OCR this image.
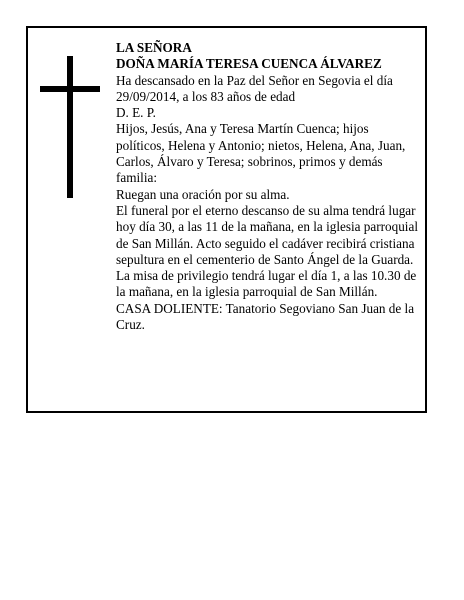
LA SEÑORA

DOÑA MARÍA TERESA CUENCA ÁLVAREZ

Ha descansado en la Paz del Señor en Segovia el día 29/09/2014, a los 83 años de edad

D. E. P.

Hijos, Jesús, Ana y Teresa Martín Cuenca; hijos políticos, Helena y Antonio; nietos, Helena, Ana, Juan, Carlos, Álvaro y Teresa; sobrinos, primos y demás familia:

Ruegan una oración por su alma.

El funeral por el eterno descanso de su alma tendrá lugar hoy día 30, a las 11 de la mañana, en la iglesia parroquial de San Millán. Acto seguido el cadáver recibirá cristiana sepultura en el cementerio de Santo Ángel de la Guarda. La misa de privilegio tendrá lugar el día 1, a las 10.30 de la mañana, en la iglesia parroquial de San Millán.

CASA DOLIENTE: Tanatorio Segoviano San Juan de la Cruz.
